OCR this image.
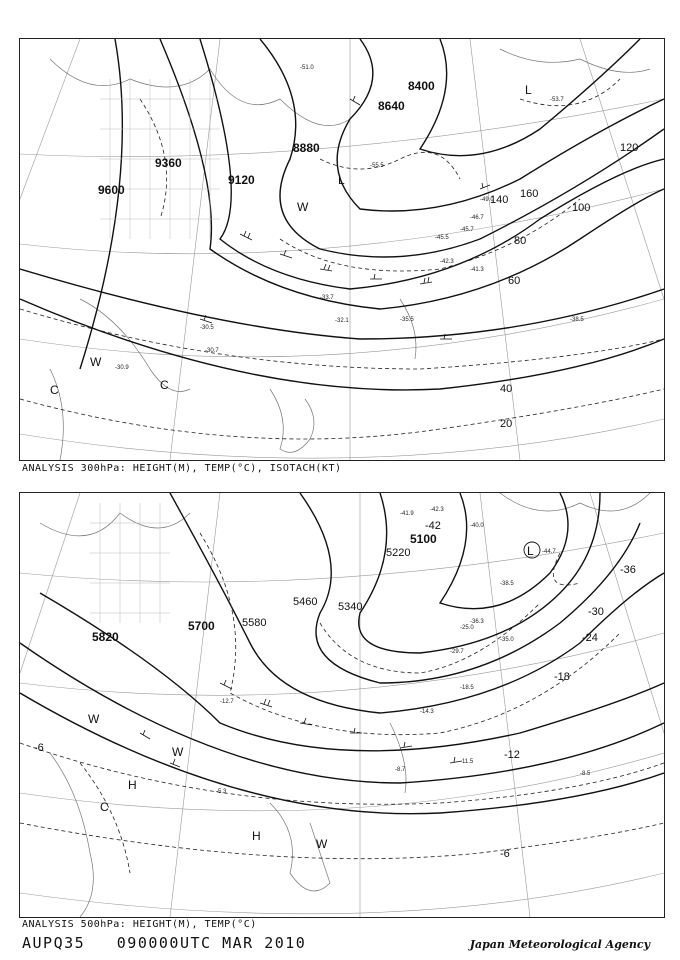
9600
9360
9120
8880
8640
8400
20
40
60
80
100
120
140 160
L
L
W
C
W
C
-45.5
-45.7
-51.0
-53.7
-42.3
-35.5
-33.7
-32.1
-30.5
-30.7
-30.9
-38.5
-41.3
-46.7
-49.0
-55.5
ANALYSIS 300hPa: HEIGHT(M), TEMP(°C), ISOTACH(KT)
5820
5700 5580
5460 5340
5220
5100
-42
-36
-30
-24
-18
-12
-6
-6
L
H
H
C
W
W
W
-41.9
-42.3
-40.0
-44.7
-38.5
-36.3
-35.0
-29.7
-25.0
-18.5
-14.3
-12.7
-8.7
-8.5
-5.3
-11.5
ANALYSIS 500hPa: HEIGHT(M), TEMP(°C)
AUPQ35   090000UTC MAR 2010	Japan Meteorological Agency
